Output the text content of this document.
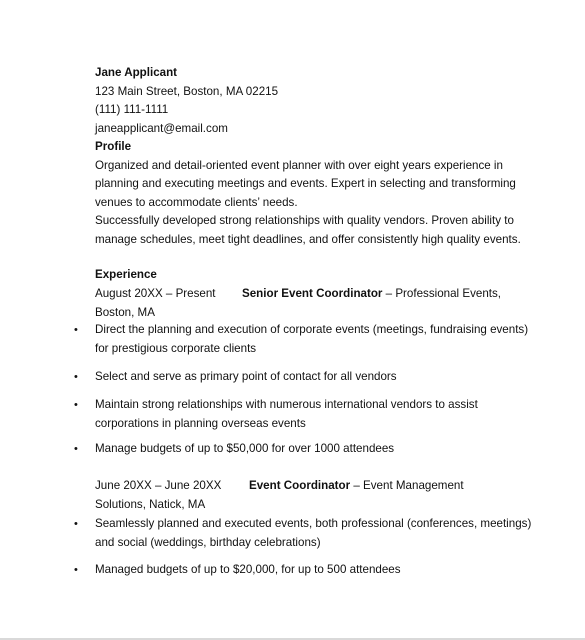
Jane Applicant
123 Main Street, Boston, MA 02215
(111) 111-1111
janeapplicant@email.com
Profile
Organized and detail-oriented event planner with over eight years experience in
planning and executing meetings and events. Expert in selecting and transforming
venues to accommodate clients’ needs.
Successfully developed strong relationships with quality vendors. Proven ability to
manage schedules, meet tight deadlines, and offer consistently high quality events.
Experience
August 20XX – Present Senior Event Coordinator – Professional Events,
Boston, MA
• Direct the planning and execution of corporate events (meetings, fundraising events)
for prestigious corporate clients
• Select and serve as primary point of contact for all vendors
• Maintain strong relationships with numerous international vendors to assist
corporations in planning overseas events
• Manage budgets of up to $50,000 for over 1000 attendees
June 20XX – June 20XX Event Coordinator – Event Management
Solutions, Natick, MA
• Seamlessly planned and executed events, both professional (conferences, meetings)
and social (weddings, birthday celebrations)
• Managed budgets of up to $20,000, for up to 500 attendees
